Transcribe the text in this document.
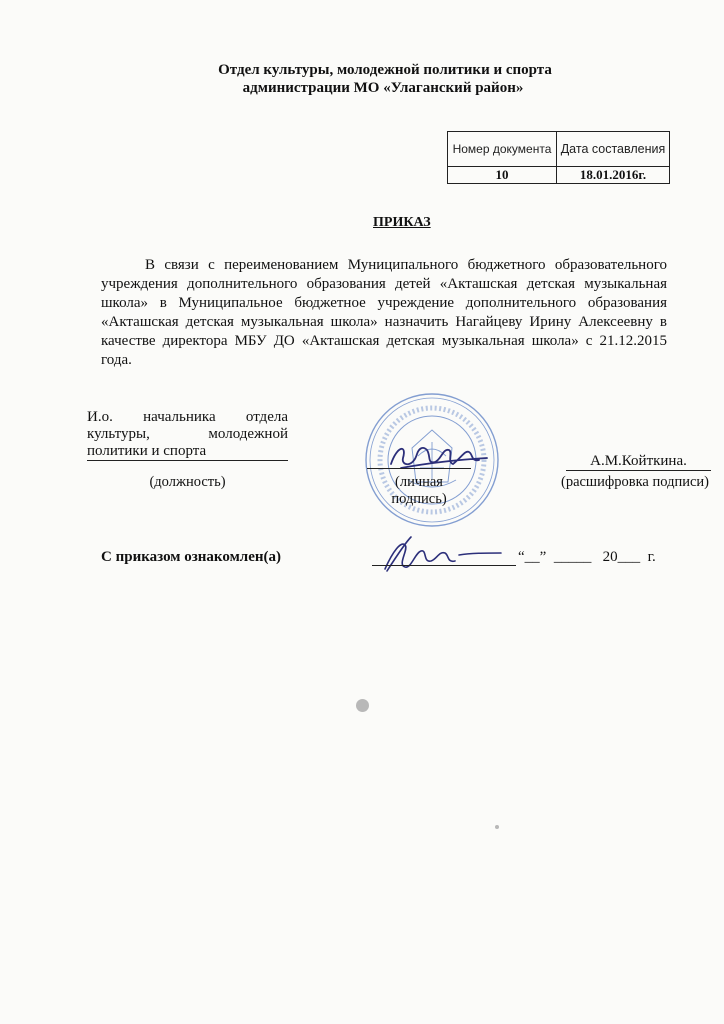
Отдел культуры, молодежной политики и спорта
администрации МО «Улаганский район»
Номер документа	Дата составления
10	18.01.2016г.
ПРИКАЗ
В связи с переименованием Муниципального бюджетного образовательного учреждения дополнительного образования детей «Акташская детская музыкальная школа» в Муниципальное бюджетное учреждение дополнительного образования «Акташская детская музыкальная школа» назначить Нагайцеву Ирину Алексеевну в качестве директора МБУ ДО «Акташская детская музыкальная школа» с 21.12.2015 года.
И.о. начальника отдела культуры, молодежной политики и спорта
(должность)	(личная подпись)
А.М.Койткина.
(расшифровка подписи)
С приказом ознакомлен(а)	“__”  _____   20___  г.
